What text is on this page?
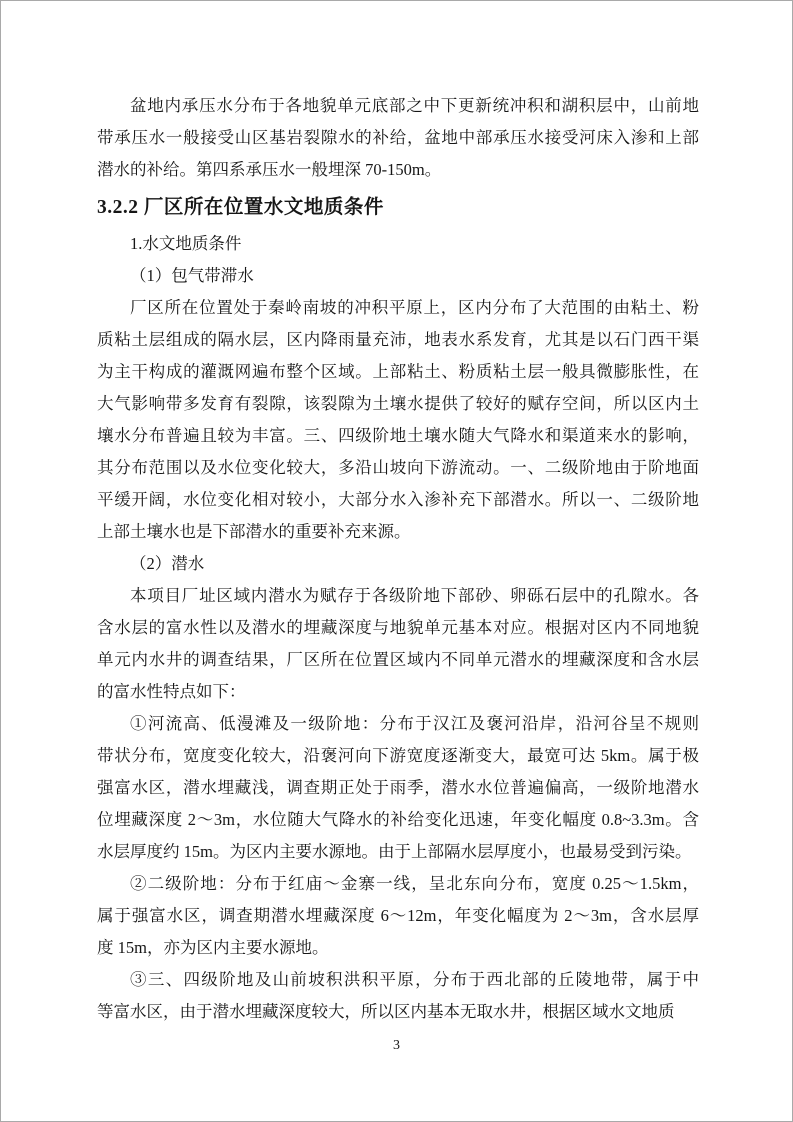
盆地内承压水分布于各地貌单元底部之中下更新统冲积和湖积层中，山前地
带承压水一般接受山区基岩裂隙水的补给，盆地中部承压水接受河床入渗和上部
潜水的补给。第四系承压水一般埋深 70-150m。
3.2.2 厂区所在位置水文地质条件
1.水文地质条件
（1）包气带滞水
厂区所在位置处于秦岭南坡的冲积平原上，区内分布了大范围的由粘土、粉
质粘土层组成的隔水层，区内降雨量充沛，地表水系发育，尤其是以石门西干渠
为主干构成的灌溉网遍布整个区域。上部粘土、粉质粘土层一般具微膨胀性，在
大气影响带多发育有裂隙，该裂隙为土壤水提供了较好的赋存空间，所以区内土
壤水分布普遍且较为丰富。三、四级阶地土壤水随大气降水和渠道来水的影响，
其分布范围以及水位变化较大，多沿山坡向下游流动。一、二级阶地由于阶地面
平缓开阔，水位变化相对较小，大部分水入渗补充下部潜水。所以一、二级阶地
上部土壤水也是下部潜水的重要补充来源。
（2）潜水
本项目厂址区域内潜水为赋存于各级阶地下部砂、卵砾石层中的孔隙水。各
含水层的富水性以及潜水的埋藏深度与地貌单元基本对应。根据对区内不同地貌
单元内水井的调查结果，厂区所在位置区域内不同单元潜水的埋藏深度和含水层
的富水性特点如下：
①河流高、低漫滩及一级阶地：分布于汉江及褒河沿岸，沿河谷呈不规则
带状分布，宽度变化较大，沿褒河向下游宽度逐渐变大，最宽可达 5km。属于极
强富水区，潜水埋藏浅，调查期正处于雨季，潜水水位普遍偏高，一级阶地潜水
位埋藏深度 2～3m，水位随大气降水的补给变化迅速，年变化幅度 0.8~3.3m。含
水层厚度约 15m。为区内主要水源地。由于上部隔水层厚度小，也最易受到污染。
②二级阶地：分布于红庙～金寨一线，呈北东向分布，宽度 0.25～1.5km，
属于强富水区，调查期潜水埋藏深度 6～12m，年变化幅度为 2～3m，含水层厚
度 15m，亦为区内主要水源地。
③三、四级阶地及山前坡积洪积平原，分布于西北部的丘陵地带，属于中
等富水区，由于潜水埋藏深度较大，所以区内基本无取水井，根据区域水文地质
3
